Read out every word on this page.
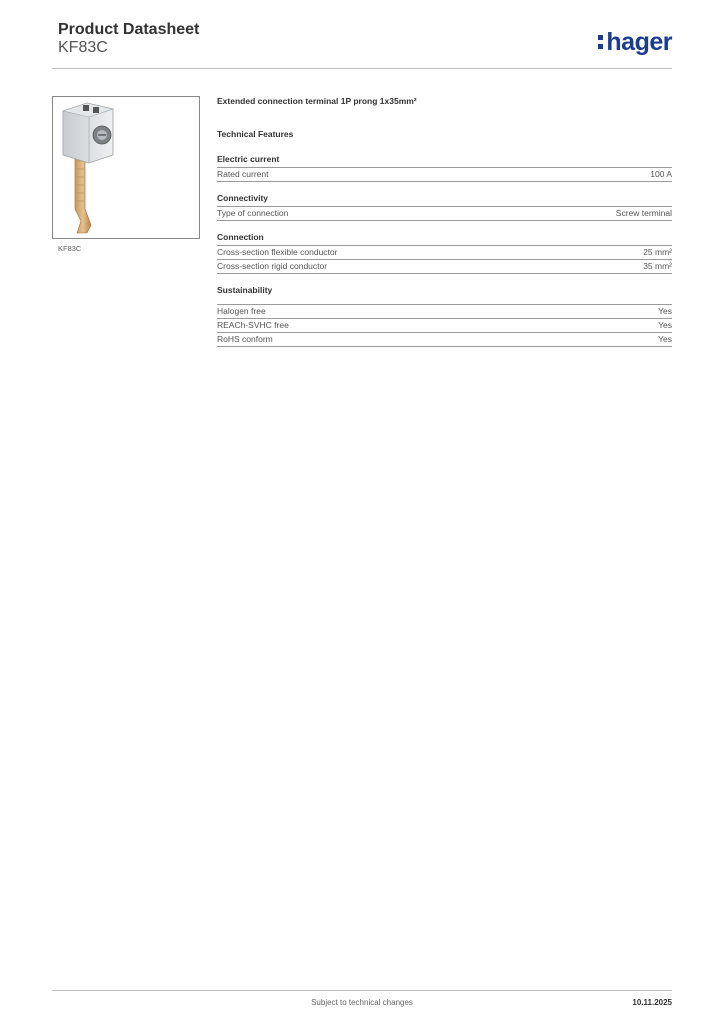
Product Datasheet
KF83C	hager
KF83C
Extended connection terminal 1P prong 1x35mm²
Technical Features
Electric current
Rated current	100 A
Connectivity
Type of connection	Screw terminal
Connection
Cross-section flexible conductor	25 mm²
Cross-section rigid conductor	35 mm²
Sustainability
Halogen free	Yes
REACh-SVHC free	Yes
RoHS conform	Yes
Subject to technical changes	10.11.2025
